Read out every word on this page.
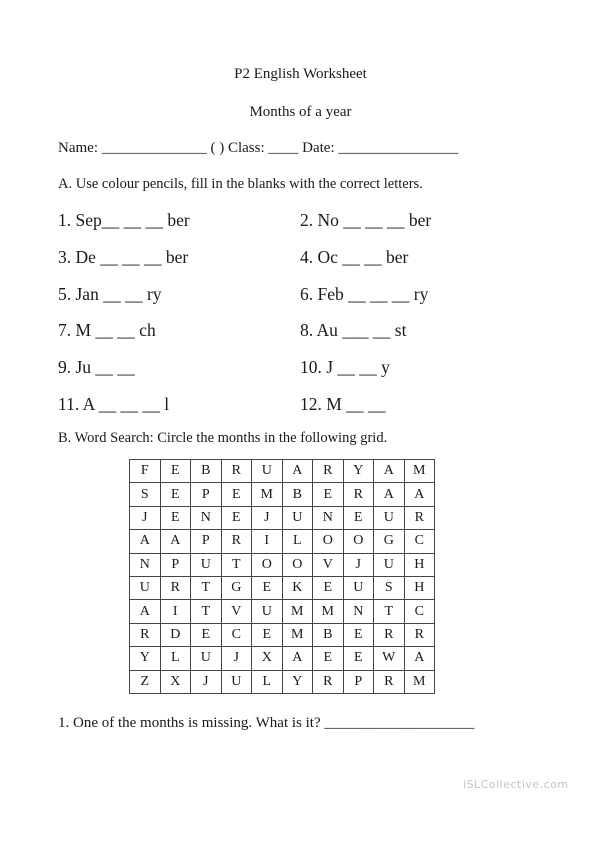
P2 English Worksheet
Months of a year
Name: ______________ ( ) Class: ____ Date: ________________
A. Use colour pencils, fill in the blanks with the correct letters.
1. Sep__ __ __ ber	2. No __ __ __ ber
3. De __ __ __ ber	4. Oc __ __ ber
5. Jan __ __ ry	6. Feb __ __ __ ry
7. M __ __ ch	8. Au ___ __ st
9. Ju __ __	10. J __ __ y
11. A __ __ __ l	12. M __ __
B. Word Search: Circle the months in the following grid.
F	E	B	R	U	A	R	Y	A	M
S	E	P	E	M	B	E	R	A	A
J	E	N	E	J	U	N	E	U	R
A	A	P	R	I	L	O	O	G	C
N	P	U	T	O	O	V	J	U	H
U	R	T	G	E	K	E	U	S	H
A	I	T	V	U	M	M	N	T	C
R	D	E	C	E	M	B	E	R	R
Y	L	U	J	X	A	E	E	W	A
Z	X	J	U	L	Y	R	P	R	M
1. One of the months is missing. What is it? ____________________
iSLCollective.com
